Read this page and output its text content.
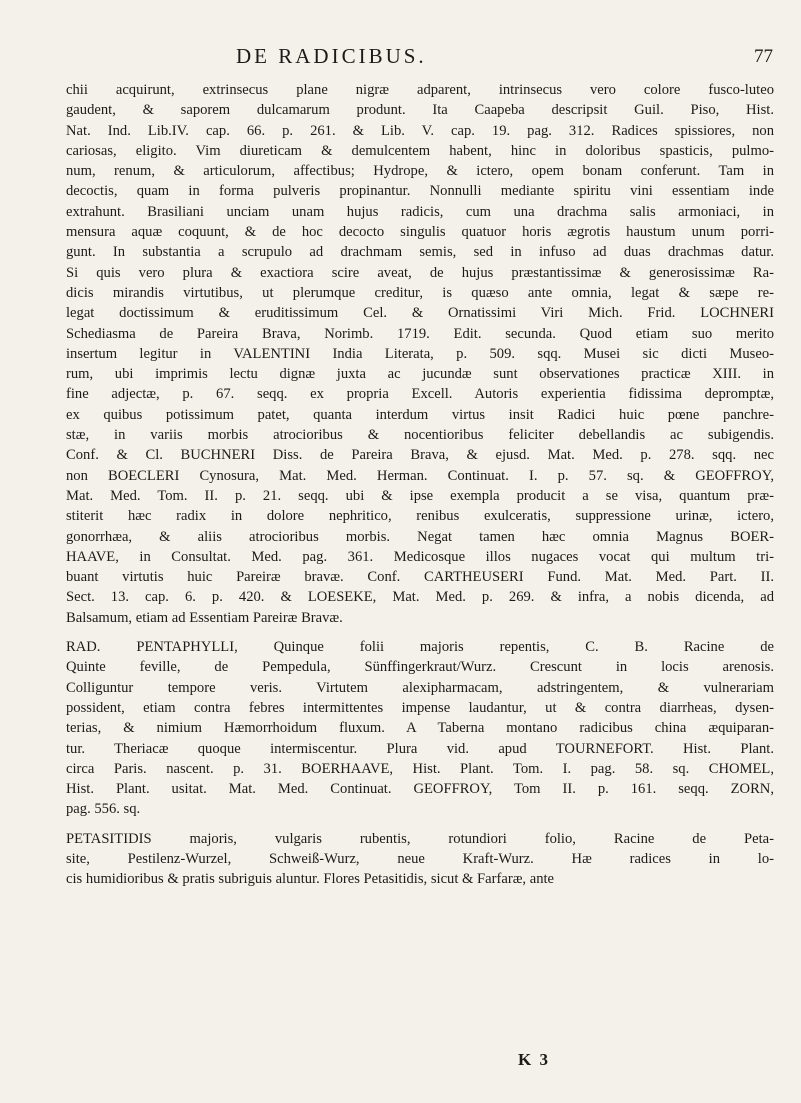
DE RADICIBUS.	77
chii acquirunt, extrinsecus plane nigræ adparent, intrinsecus vero colore fusco-luteo
gaudent, & saporem dulcamarum produnt. Ita Caapeba descripsit Guil. Piso, Hist.
Nat. Ind. Lib.IV. cap. 66. p. 261. & Lib. V. cap. 19. pag. 312. Radices spissiores, non
cariosas, eligito. Vim diureticam & demulcentem habent, hinc in doloribus spasticis, pulmo-
num, renum, & articulorum, affectibus; Hydrope, & ictero, opem bonam conferunt. Tam in
decoctis, quam in forma pulveris propinantur. Nonnulli mediante spiritu vini essentiam inde
extrahunt. Brasiliani unciam unam hujus radicis, cum una drachma salis armoniaci, in
mensura aquæ coquunt, & de hoc decocto singulis quatuor horis ægrotis haustum unum porri-
gunt. In substantia a scrupulo ad drachmam semis, sed in infuso ad duas drachmas datur.
Si quis vero plura & exactiora scire aveat, de hujus præstantissimæ & generosissimæ Ra-
dicis mirandis virtutibus, ut plerumque creditur, is quæso ante omnia, legat & sæpe re-
legat doctissimum & eruditissimum Cel. & Ornatissimi Viri Mich. Frid. LOCHNERI
Schediasma de Pareira Brava, Norimb. 1719. Edit. secunda. Quod etiam suo merito
insertum legitur in VALENTINI India Literata, p. 509. sqq. Musei sic dicti Museo-
rum, ubi imprimis lectu dignæ juxta ac jucundæ sunt observationes practicæ XIII. in
fine adjectæ, p. 67. seqq. ex propria Excell. Autoris experientia fidissima depromptæ,
ex quibus potissimum patet, quanta interdum virtus insit Radici huic pœne panchre-
stæ, in variis morbis atrocioribus & nocentioribus feliciter debellandis ac subigendis.
Conf. & Cl. BUCHNERI Diss. de Pareira Brava, & ejusd. Mat. Med. p. 278. sqq. nec
non BOECLERI Cynosura, Mat. Med. Herman. Continuat. I. p. 57. sq. & GEOFFROY,
Mat. Med. Tom. II. p. 21. seqq. ubi & ipse exempla producit a se visa, quantum præ-
stiterit hæc radix in dolore nephritico, renibus exulceratis, suppressione urinæ, ictero,
gonorrhæa, & aliis atrocioribus morbis. Negat tamen hæc omnia Magnus BOER-
HAAVE, in Consultat. Med. pag. 361. Medicosque illos nugaces vocat qui multum tri-
buant virtutis huic Pareiræ bravæ. Conf. CARTHEUSERI Fund. Mat. Med. Part. II.
Sect. 13. cap. 6. p. 420. & LOESEKE, Mat. Med. p. 269. & infra, a nobis dicenda, ad
Balsamum, etiam ad Essentiam Pareiræ Bravæ.
RAD. PENTAPHYLLI, Quinque folii majoris repentis, C. B. Racine de
Quinte feville, de Pempedula, Sünffingerkraut/Wurz. Crescunt in locis arenosis.
Colliguntur tempore veris. Virtutem alexipharmacam, adstringentem, & vulnerariam
possident, etiam contra febres intermittentes impense laudantur, ut & contra diarrheas, dysen-
terias, & nimium Hæmorrhoidum fluxum. A Taberna montano radicibus china æquiparan-
tur. Theriacæ quoque intermiscentur. Plura vid. apud TOURNEFORT. Hist. Plant.
circa Paris. nascent. p. 31. BOERHAAVE, Hist. Plant. Tom. I. pag. 58. sq. CHOMEL,
Hist. Plant. usitat. Mat. Med. Continuat. GEOFFROY, Tom II. p. 161. seqq. ZORN,
pag. 556. sq.
PETASITIDIS majoris, vulgaris rubentis, rotundiori folio, Racine de Peta-
site, Pestilenz-Wurzel, Schweiß-Wurz, neue Kraft-Wurz. Hæ radices in lo-
cis humidioribus & pratis subriguis aluntur. Flores Petasitidis, sicut & Farfaræ, ante
K 3
